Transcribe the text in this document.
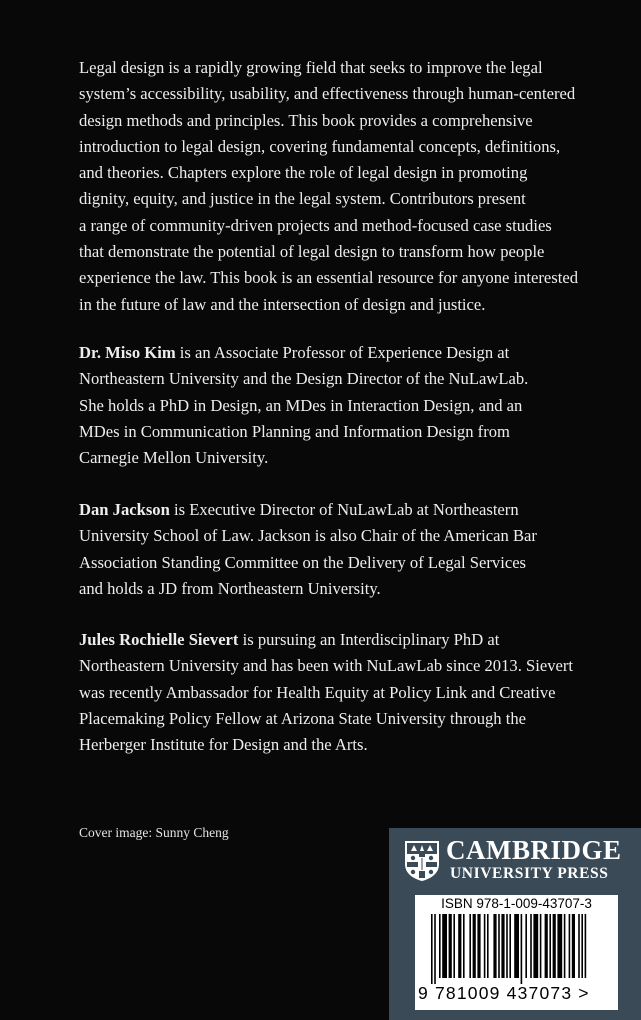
Legal design is a rapidly growing field that seeks to improve the legal
system’s accessibility, usability, and effectiveness through human-centered
design methods and principles. This book provides a comprehensive
introduction to legal design, covering fundamental concepts, definitions,
and theories. Chapters explore the role of legal design in promoting
dignity, equity, and justice in the legal system. Contributors present
a range of community-driven projects and method-focused case studies
that demonstrate the potential of legal design to transform how people
experience the law. This book is an essential resource for anyone interested
in the future of law and the intersection of design and justice.
Dr. Miso Kim is an Associate Professor of Experience Design at
Northeastern University and the Design Director of the NuLawLab.
She holds a PhD in Design, an MDes in Interaction Design, and an
MDes in Communication Planning and Information Design from
Carnegie Mellon University.
Dan Jackson is Executive Director of NuLawLab at Northeastern
University School of Law. Jackson is also Chair of the American Bar
Association Standing Committee on the Delivery of Legal Services
and holds a JD from Northeastern University.
Jules Rochielle Sievert is pursuing an Interdisciplinary PhD at
Northeastern University and has been with NuLawLab since 2013. Sievert
was recently Ambassador for Health Equity at Policy Link and Creative
Placemaking Policy Fellow at Arizona State University through the
Herberger Institute for Design and the Arts.
Cover image: Sunny Cheng
CAMBRIDGE
UNIVERSITY PRESS
ISBN 978-1-009-43707-3
9 781009 437073 >
